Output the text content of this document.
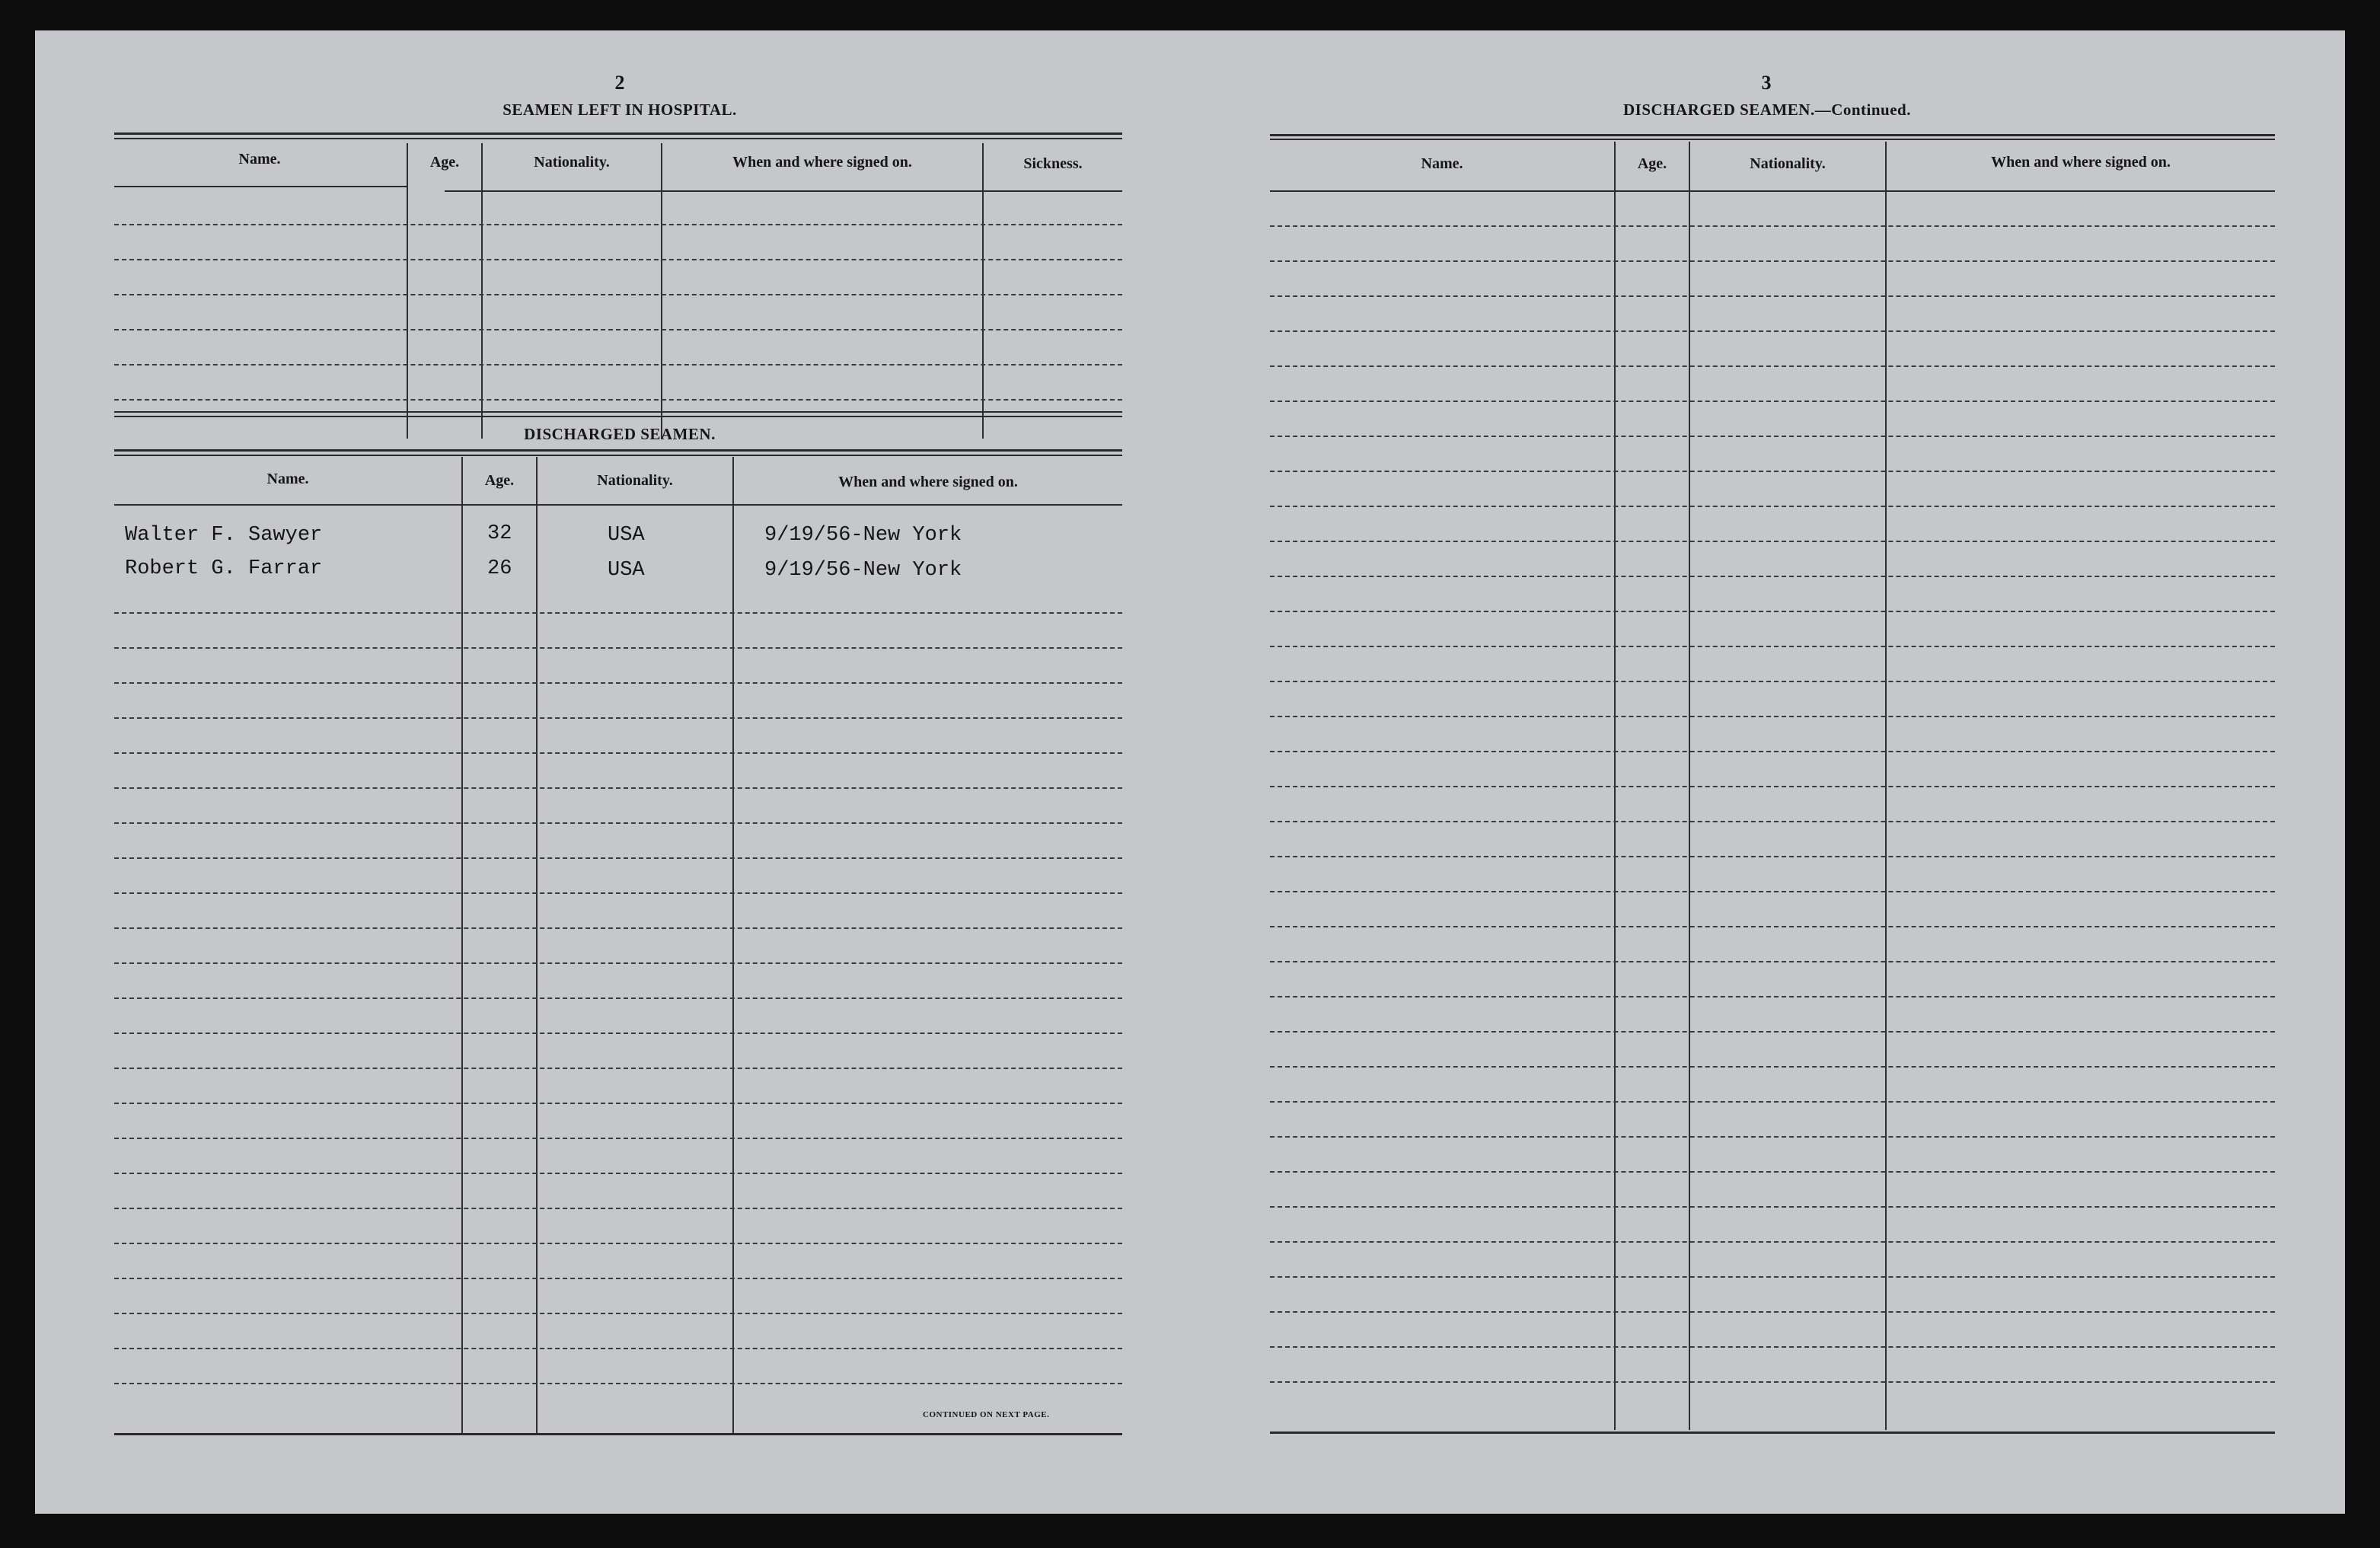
2
SEAMEN LEFT IN HOSPITAL.
Name.	Age.	Nationality.	When and where signed on.	Sickness.
DISCHARGED SEAMEN.
Name.	Age.	Nationality.	When and where signed on.
Walter F. Sawyer	32	USA	9/19/56-New York
Robert G. Farrar	26	USA	9/19/56-New York
CONTINUED ON NEXT PAGE.
3
DISCHARGED SEAMEN.—Continued.
Name.	Age.	Nationality.	When and where signed on.
